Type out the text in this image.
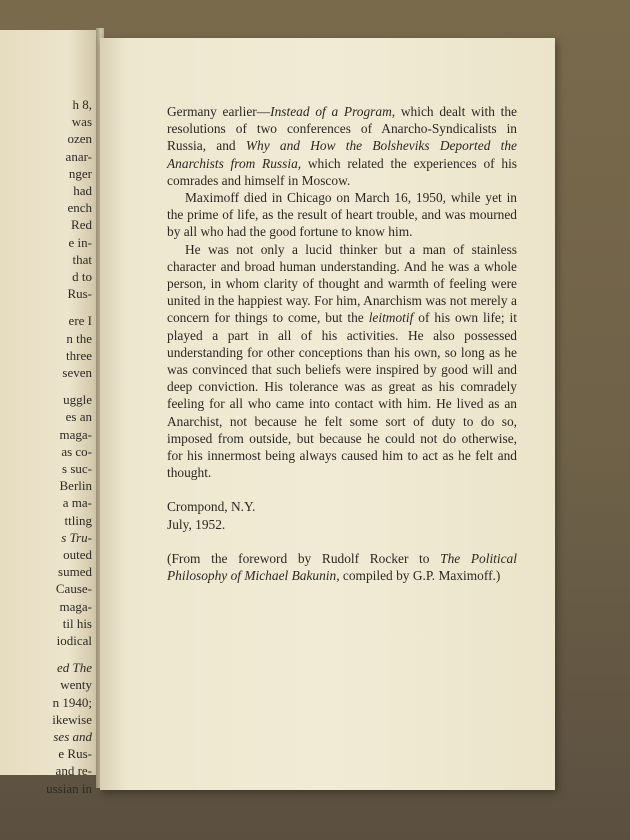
h 8,
was
ozen
anar-
nger
had
ench
Red
e in-
that
d to
Rus-
ere I
n the
three
seven
uggle
es an
maga-
as co-
s suc-
Berlin
a ma-
ttling
s Tru-
outed
sumed
Cause-
maga-
til his
iodical
ed The
wenty
n 1940;
ikewise
ses and
e Rus-
and re-
ussian in

Germany earlier—Instead of a Program, which dealt with the resolutions of two conferences of Anarcho-Syndicalists in Russia, and Why and How the Bolsheviks Deported the Anarchists from Russia, which related the experiences of his comrades and himself in Moscow.

Maximoff died in Chicago on March 16, 1950, while yet in the prime of life, as the result of heart trouble, and was mourned by all who had the good fortune to know him.

He was not only a lucid thinker but a man of stainless character and broad human understanding. And he was a whole person, in whom clarity of thought and warmth of feeling were united in the happiest way. For him, Anarchism was not merely a concern for things to come, but the leitmotif of his own life; it played a part in all of his activities. He also possessed understanding for other conceptions than his own, so long as he was convinced that such beliefs were inspired by good will and deep conviction. His tolerance was as great as his comradely feeling for all who came into contact with him. He lived as an Anarchist, not because he felt some sort of duty to do so, imposed from outside, but because he could not do otherwise, for his innermost being always caused him to act as he felt and thought.

Crompond, N.Y.

July, 1952.

(From the foreword by Rudolf Rocker to The Political Philosophy of Michael Bakunin, compiled by G.P. Maximoff.)
